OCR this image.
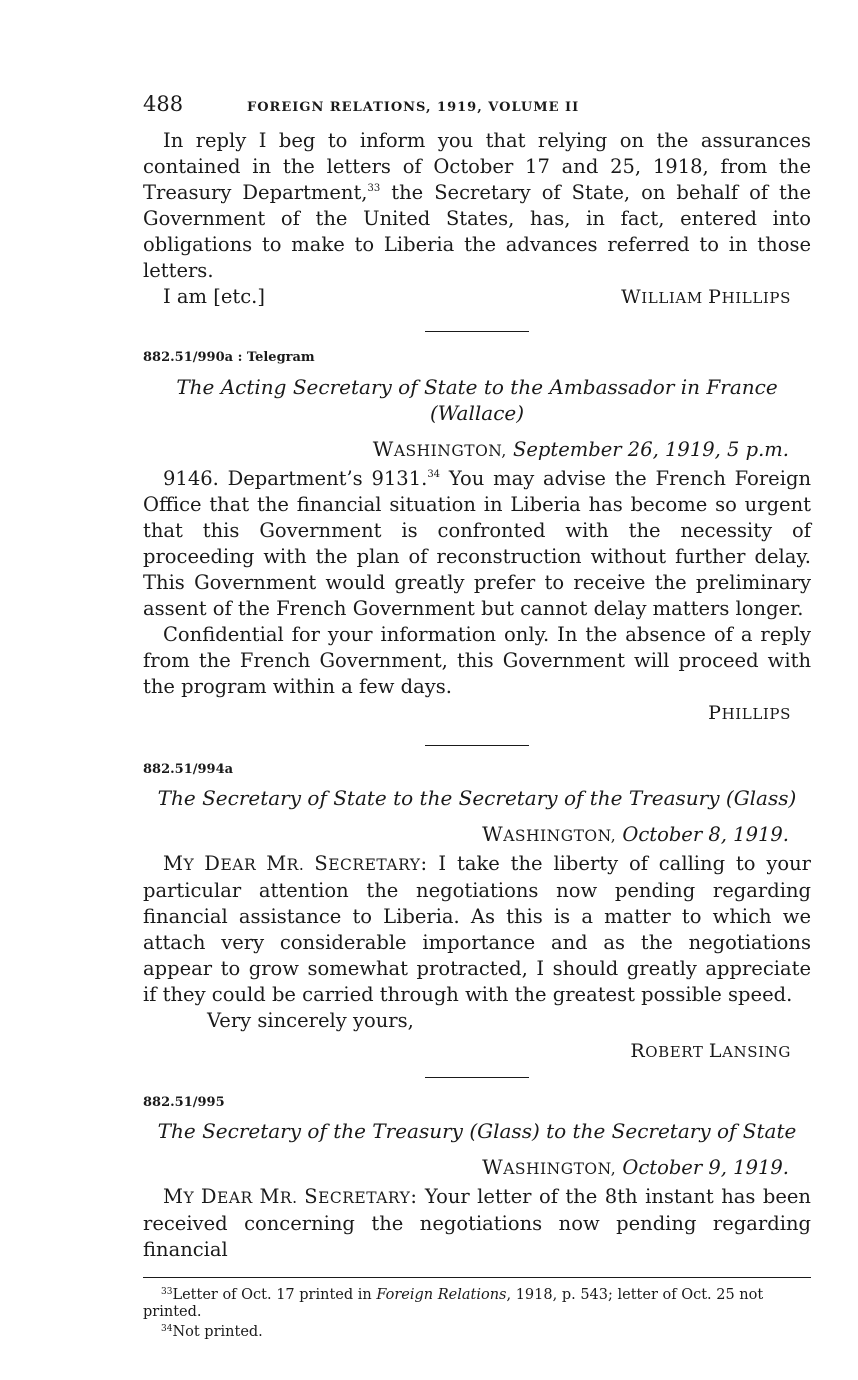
488	FOREIGN RELATIONS, 1919, VOLUME II

In reply I beg to inform you that relying on the assurances contained in the letters of October 17 and 25, 1918, from the Treasury Department,$^{33}$ the Secretary of State, on behalf of the Government of the United States, has, in fact, entered into obligations to make to Liberia the advances referred to in those letters.

I am [etc.]	WILLIAM PHILLIPS
882.51/990a : Telegram
The Acting Secretary of State to the Ambassador in France
(Wallace)
WASHINGTON, September 26, 1919, 5 p.m.

9146. Department’s 9131.34 You may advise the French Foreign Office that the financial situation in Liberia has become so urgent that this Government is confronted with the necessity of proceeding with the plan of reconstruction without further delay. This Government would greatly prefer to receive the preliminary assent of the French Government but cannot delay matters longer.

Confidential for your information only. In the absence of a reply from the French Government, this Government will proceed with the program within a few days.

PHILLIPS
882.51/994a
The Secretary of State to the Secretary of the Treasury (Glass)
WASHINGTON, October 8, 1919.

MY DEAR MR. SECRETARY: I take the liberty of calling to your particular attention the negotiations now pending regarding financial assistance to Liberia. As this is a matter to which we attach very considerable importance and as the negotiations appear to grow somewhat protracted, I should greatly appreciate if they could be carried through with the greatest possible speed.

Very sincerely yours,
ROBERT LANSING
882.51/995
The Secretary of the Treasury (Glass) to the Secretary of State
WASHINGTON, October 9, 1919.

MY DEAR MR. SECRETARY: Your letter of the 8th instant has been received concerning the negotiations now pending regarding financial

$^{33}$Letter of Oct. 17 printed in Foreign Relations, 1918, p. 543; letter of Oct. 25 not printed.
$^{34}$Not printed.
